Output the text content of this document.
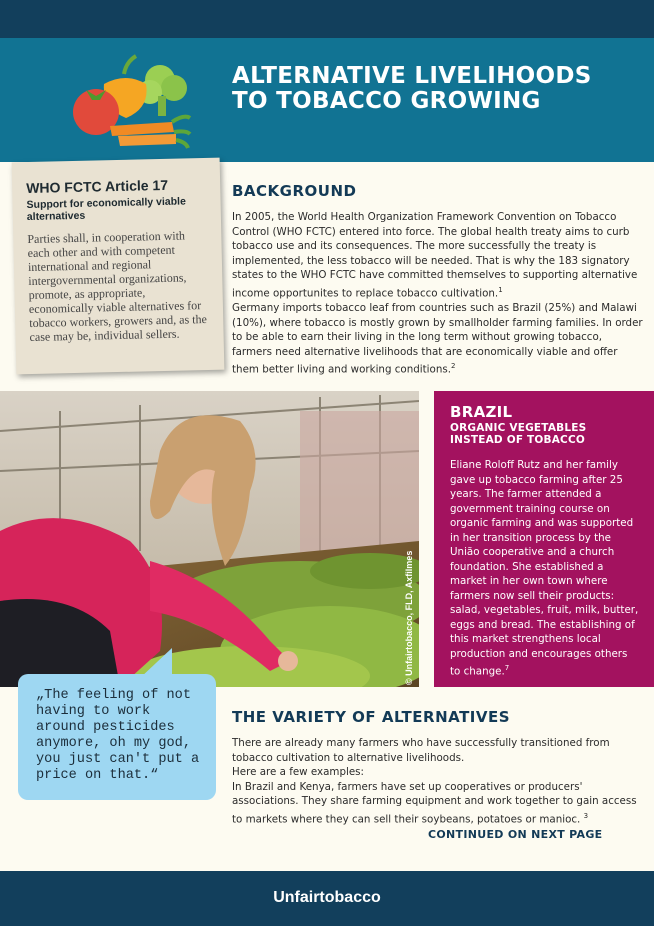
ALTERNATIVE LIVELIHOODS
TO TOBACCO GROWING
WHO FCTC Article 17
Support for economically viable alternatives
Parties shall, in cooperation with each other and with competent international and regional intergovernmental organizations, promote, as appropriate, economically viable alternatives for tobacco workers, growers and, as the case may be, individual sellers.
BACKGROUND

In 2005, the World Health Organization Framework Convention on Tobacco Control (WHO FCTC) entered into force. The global health treaty aims to curb tobacco use and its consequences. The more successfully the treaty is implemented, the less tobacco will be needed. That is why the 183 signatory states to the WHO FCTC have committed themselves to supporting alternative income opportunites to replace tobacco cultivation.$^1$

Germany imports tobacco leaf from countries such as Brazil (25%) and Malawi (10%), where tobacco is mostly grown by smallholder farming families. In order to be able to earn their living in the long term without growing tobacco, farmers need alternative livelihoods that are economically viable and offer them better living and working conditions.$^2$

© Unfairtobacco, FLD, Axfilmes
BRAZIL
ORGANIC VEGETABLES
INSTEAD OF TOBACCO
Eliane Roloff Rutz and her family gave up tobacco farming after 25 years. The farmer attended a government training course on organic farming and was supported in her transition process by the União cooperative and a church foundation. She established a market in her own town where farmers now sell their products: salad, vegetables, fruit, milk, butter, eggs and bread. The establishing of this market strengthens local production and encourages others to change.$^7$
„The feeling of not having to work around pesticides anymore, oh my god, you just can't put a price on that.“
THE VARIETY OF ALTERNATIVES

There are already many farmers who have successfully transitioned from tobacco cultivation to alternative livelihoods.

Here are a few examples:

In Brazil and Kenya, farmers have set up cooperatives or producers' associations. They share farming equipment and work together to gain access to markets where they can sell their soybeans, potatoes or manioc. $^3$

CONTINUED ON NEXT PAGE
Unfairtobacco
